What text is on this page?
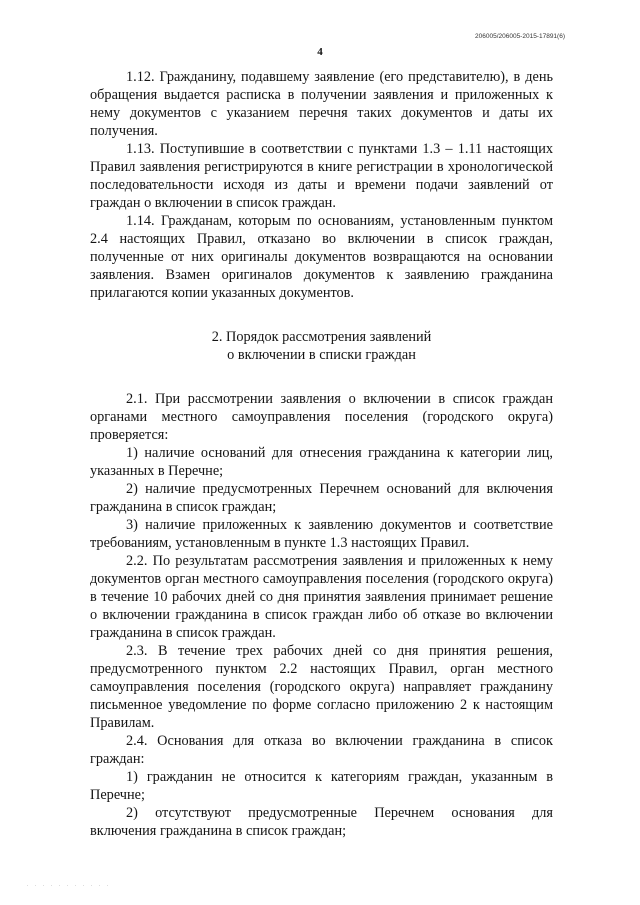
206005/206005-2015-17891(6)
4

1.12. Гражданину, подавшему заявление (его представителю), в день обращения выдается расписка в получении заявления и приложенных к нему документов с указанием перечня таких документов и даты их получения.

1.13. Поступившие в соответствии с пунктами 1.3 – 1.11 настоящих Правил заявления регистрируются в книге регистрации в хронологической последовательности исходя из даты и времени подачи заявлений от граждан о включении в список граждан.

1.14. Гражданам, которым по основаниям, установленным пунктом 2.4 настоящих Правил, отказано во включении в список граждан, полученные от них оригиналы документов возвращаются на основании заявления. Взамен оригиналов документов к заявлению гражданина прилагаются копии указанных документов.

2. Порядок рассмотрения заявлений
о включении в списки граждан

2.1. При рассмотрении заявления о включении в список граждан органами местного самоуправления поселения (городского округа) проверяется:

1) наличие оснований для отнесения гражданина к категории лиц, указанных в Перечне;

2) наличие предусмотренных Перечнем оснований для включения гражданина в список граждан;

3) наличие приложенных к заявлению документов и соответствие требованиям, установленным в пункте 1.3 настоящих Правил.

2.2. По результатам рассмотрения заявления и приложенных к нему документов орган местного самоуправления поселения (городского округа) в течение 10 рабочих дней со дня принятия заявления принимает решение о включении гражданина в список граждан либо об отказе во включении гражданина в список граждан.

2.3. В течение трех рабочих дней со дня принятия решения, предусмотренного пунктом 2.2 настоящих Правил, орган местного самоуправления поселения (городского округа) направляет гражданину письменное уведомление по форме согласно приложению 2 к настоящим Правилам.

2.4. Основания для отказа во включении гражданина в список граждан:

1) гражданин не относится к категориям граждан, указанным в Перечне;

2) отсутствуют предусмотренные Перечнем основания для включения гражданина в список граждан;

· · · · · · · · · · ·
